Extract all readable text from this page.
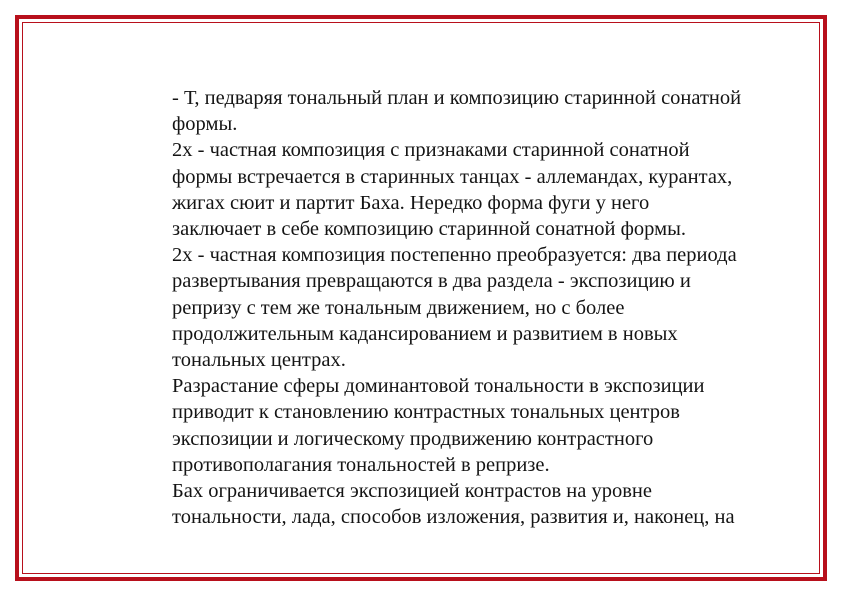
- Т, педваряя тональный план и композицию старинной сонатной
формы.
2х - частная композиция с признаками старинной сонатной
формы встречается в старинных танцах - аллемандах, курантах,
жигах сюит и партит Баха. Нередко форма фуги у него
заключает в себе композицию старинной сонатной формы.
2х - частная композиция постепенно преобразуется: два периода
развертывания превращаются в два раздела - экспозицию и
репризу с тем же тональным движением, но с более
продолжительным кадансированием и развитием в новых
тональных центрах.
Разрастание сферы доминантовой тональности в экспозиции
приводит к становлению контрастных тональных центров
экспозиции и логическому продвижению контрастного
противополагания тональностей в репризе.
Бах ограничивается экспозицией контрастов на уровне
тональности, лада, способов изложения, развития и, наконец, на
